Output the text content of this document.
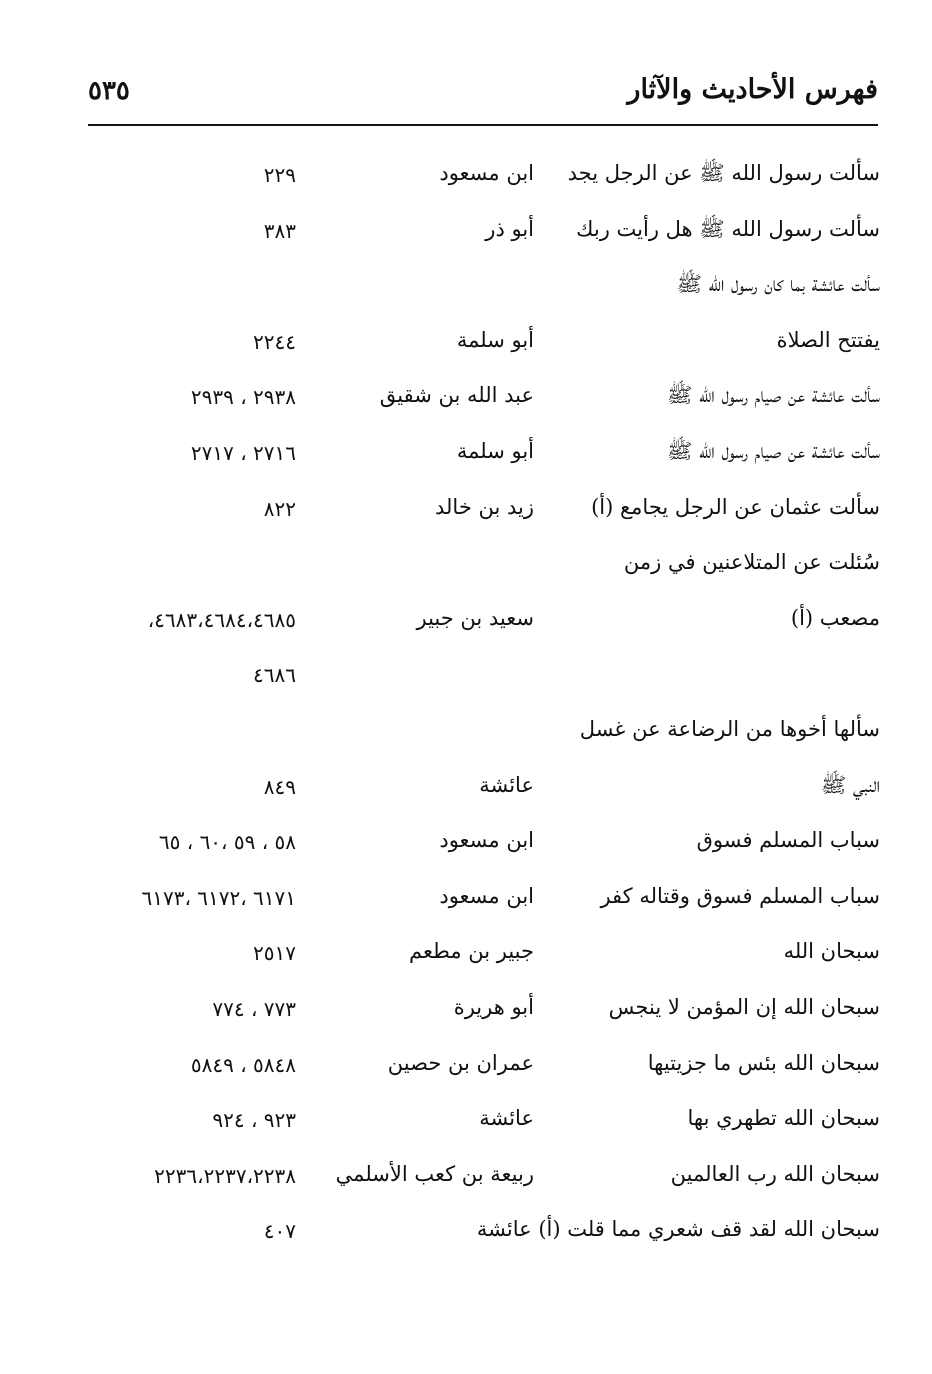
فهرس الأحاديث والآثار
٥٣٥
سألت رسول الله ﷺ عن الرجل يجد
ابن مسعود
٢٢٩
سألت رسول الله ﷺ هل رأيت ربك
أبو ذر
٣٨٣
سألت عائشة بما كان رسول الله ﷺ
يفتتح الصلاة
أبو سلمة
٢٢٤٤
سألت عائشة عن صيام رسول الله ﷺ
عبد الله بن شقيق
٢٩٣٨ ، ٢٩٣٩
سألت عائشة عن صيام رسول الله ﷺ
أبو سلمة
٢٧١٦ ، ٢٧١٧
سألت عثمان عن الرجل يجامع (أ)
زيد بن خالد
٨٢٢
سُئلت عن المتلاعنين في زمن
مصعب (أ)
سعيد بن جبير
٤٦٨٣،٤٦٨٤،٤٦٨٥،
٤٦٨٦
سألها أخوها من الرضاعة عن غسل
النبي ﷺ
عائشة
٨٤٩
سباب المسلم فسوق
ابن مسعود
٥٨ ، ٥٩ ،٦٠ ، ٦٥
سباب المسلم فسوق وقتاله كفر
ابن مسعود
٦١٧١ ،٦١٧٢ ،٦١٧٣
سبحان الله
جبير بن مطعم
٢٥١٧
سبحان الله إن المؤمن لا ينجس
أبو هريرة
٧٧٣ ، ٧٧٤
سبحان الله بئس ما جزيتيها
عمران بن حصين
٥٨٤٨ ، ٥٨٤٩
سبحان الله تطهري بها
عائشة
٩٢٣ ، ٩٢٤
سبحان الله رب العالمين
ربيعة بن كعب الأسلمي
٢٢٣٦،٢٢٣٧،٢٢٣٨
سبحان الله لقد قف شعري مما قلت (أ) عائشة
٤٠٧
